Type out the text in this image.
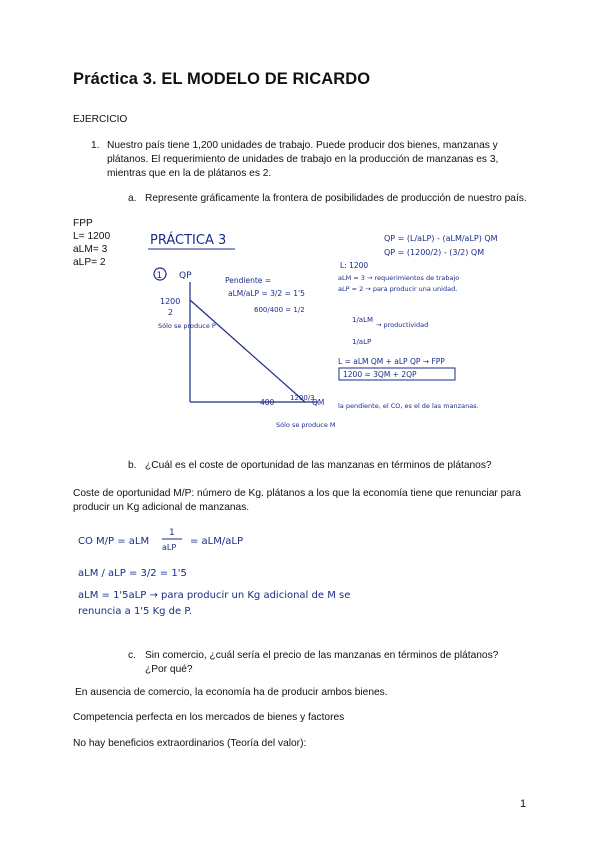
Práctica 3. EL MODELO DE RICARDO
EJERCICIO
1. Nuestro país tiene 1,200 unidades de trabajo. Puede producir dos bienes, manzanas y plátanos. El requerimiento de unidades de trabajo en la producción de manzanas es 3, mientras que en la de plátanos es 2.
a. Represente gráficamente la frontera de posibilidades de producción de nuestro país.
FPP
L= 1200
aLM= 3
aLP= 2
PRÁCTICA 3
1 QP
1200
2
Sólo se produce P
Pendiente =
aLM/aLP = 3/2 = 1'5
600/400 = 1/2
400 1200/3
QM
Sólo se produce M
QP = (L/aLP) - (aLM/aLP) QM
QP = (1200/2) - (3/2) QM
L: 1200
aLM = 3 → requerimientos de trabajo
aLP = 2 → para producir una unidad.
1/aLM
→ productividad
1/aLP
L = aLM QM + aLP QP → FPP
1200 = 3QM + 2QP
la pendiente, el CO, es el de las manzanas.
b. ¿Cuál es el coste de oportunidad de las manzanas en términos de plátanos?
Coste de oportunidad M/P: número de Kg. plátanos a los que la economía tiene que renunciar para producir un Kg adicional de manzanas.
CO M/P = aLM
1
aLP
= aLM/aLP
aLM / aLP = 3/2 = 1'5
aLM = 1'5aLP → para producir un Kg adicional de M se
renuncia a 1'5 Kg de P.
c. Sin comercio, ¿cuál sería el precio de las manzanas en términos de plátanos? ¿Por qué?
En ausencia de comercio, la economía ha de producir ambos bienes.
Competencia perfecta en los mercados de bienes y factores
No hay beneficios extraordinarios (Teoría del valor):
1
